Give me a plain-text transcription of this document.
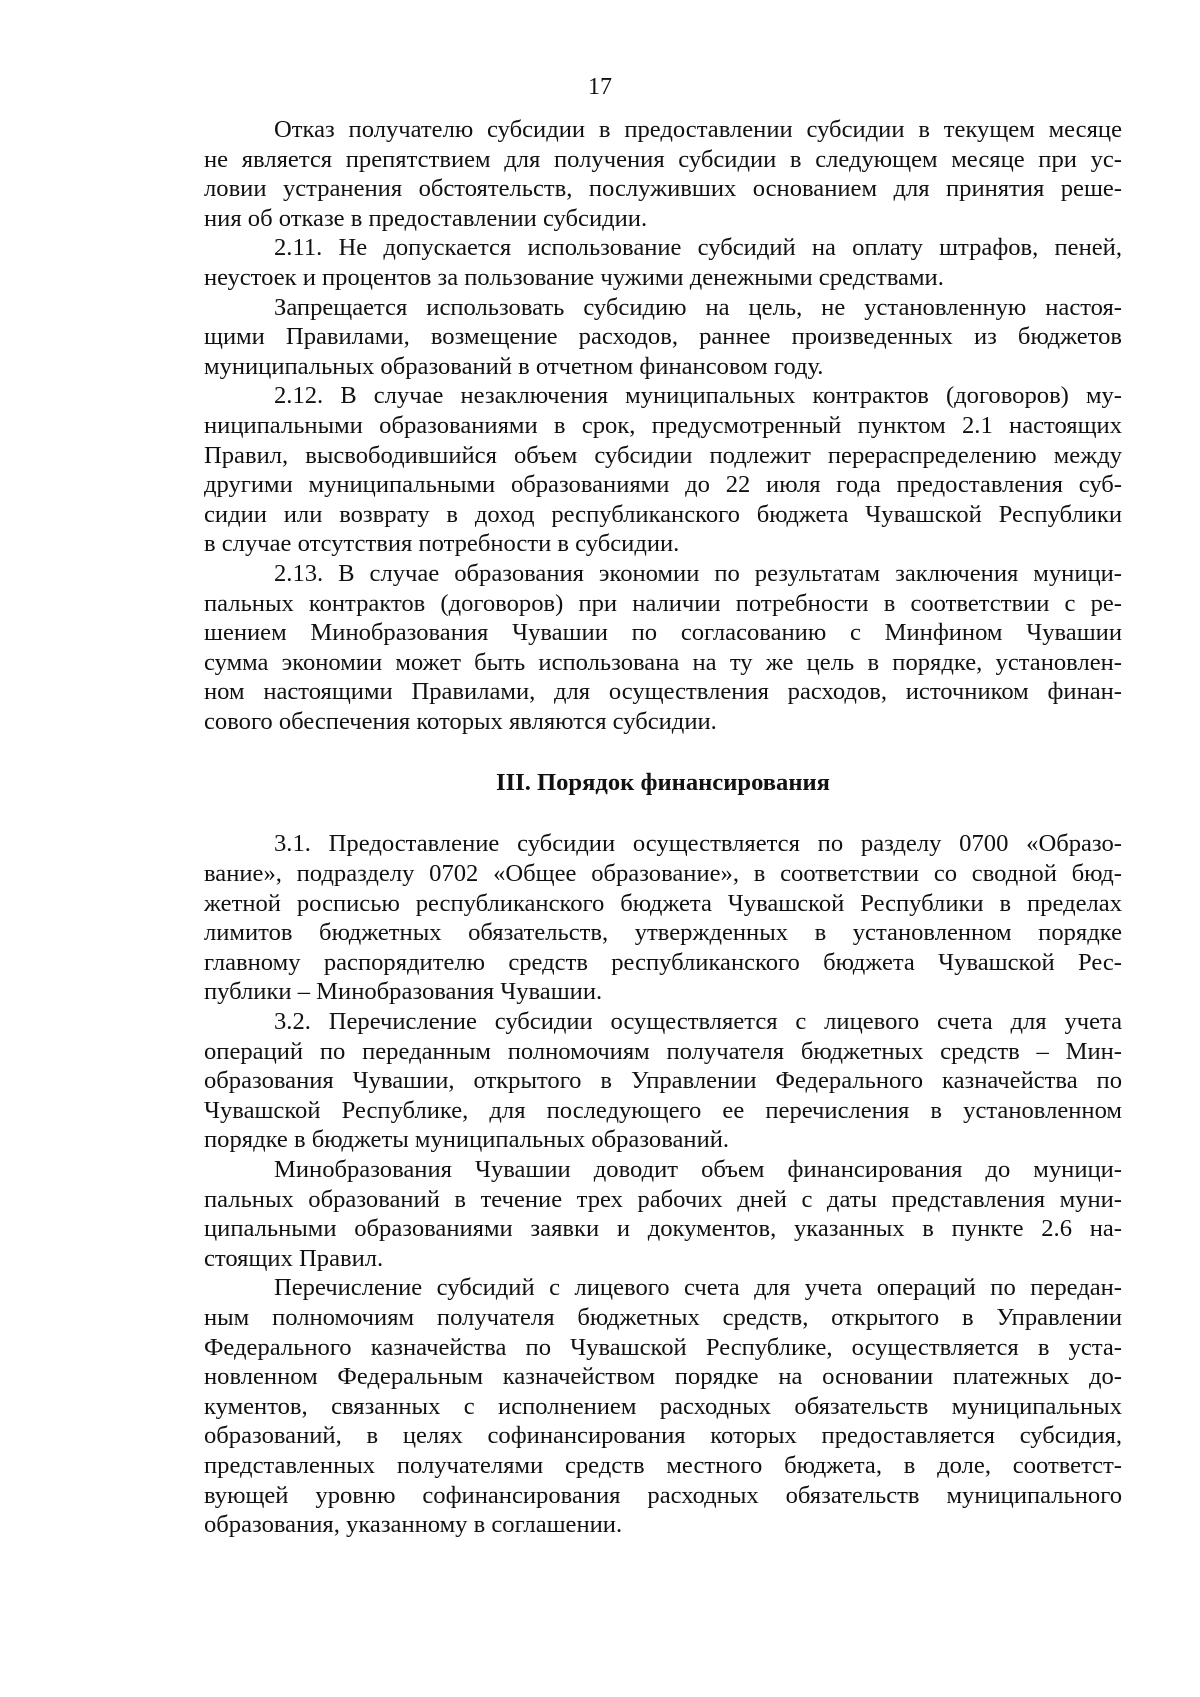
17
Отказ получателю субсидии в предоставлении субсидии в текущем месяце
не является препятствием для получения субсидии в следующем месяце при ус-
ловии устранения обстоятельств, послуживших основанием для принятия реше-
ния об отказе в предоставлении субсидии.
2.11. Не допускается использование субсидий на оплату штрафов, пеней,
неустоек и процентов за пользование чужими денежными средствами.
Запрещается использовать субсидию на цель, не установленную настоя-
щими Правилами, возмещение расходов, раннее произведенных из бюджетов
муниципальных образований в отчетном финансовом году.
2.12. В случае незаключения муниципальных контрактов (договоров) му-
ниципальными образованиями в срок, предусмотренный пунктом 2.1 настоящих
Правил, высвободившийся объем субсидии подлежит перераспределению между
другими муниципальными образованиями до 22 июля года предоставления суб-
сидии или возврату в доход республиканского бюджета Чувашской Республики
в случае отсутствия потребности в субсидии.
2.13. В случае образования экономии по результатам заключения муници-
пальных контрактов (договоров) при наличии потребности в соответствии с ре-
шением Минобразования Чувашии по согласованию с Минфином Чувашии
сумма экономии может быть использована на ту же цель в порядке, установлен-
ном настоящими Правилами, для осуществления расходов, источником финан-
сового обеспечения которых являются субсидии.
III. Порядок финансирования
3.1. Предоставление субсидии осуществляется по разделу 0700 «Образо-
вание», подразделу 0702 «Общее образование», в соответствии со сводной бюд-
жетной росписью республиканского бюджета Чувашской Республики в пределах
лимитов бюджетных обязательств, утвержденных в установленном порядке
главному распорядителю средств республиканского бюджета Чувашской Рес-
публики – Минобразования Чувашии.
3.2. Перечисление субсидии осуществляется с лицевого счета для учета
операций по переданным полномочиям получателя бюджетных средств – Мин-
образования Чувашии, открытого в Управлении Федерального казначейства по
Чувашской Республике, для последующего ее перечисления в установленном
порядке в бюджеты муниципальных образований.
Минобразования Чувашии доводит объем финансирования до муници-
пальных образований в течение трех рабочих дней с даты представления муни-
ципальными образованиями заявки и документов, указанных в пункте 2.6 на-
стоящих Правил.
Перечисление субсидий с лицевого счета для учета операций по передан-
ным полномочиям получателя бюджетных средств, открытого в Управлении
Федерального казначейства по Чувашской Республике, осуществляется в уста-
новленном Федеральным казначейством порядке на основании платежных до-
кументов, связанных с исполнением расходных обязательств муниципальных
образований, в целях софинансирования которых предоставляется субсидия,
представленных получателями средств местного бюджета, в доле, соответст-
вующей уровню софинансирования расходных обязательств муниципального
образования, указанному в соглашении.
